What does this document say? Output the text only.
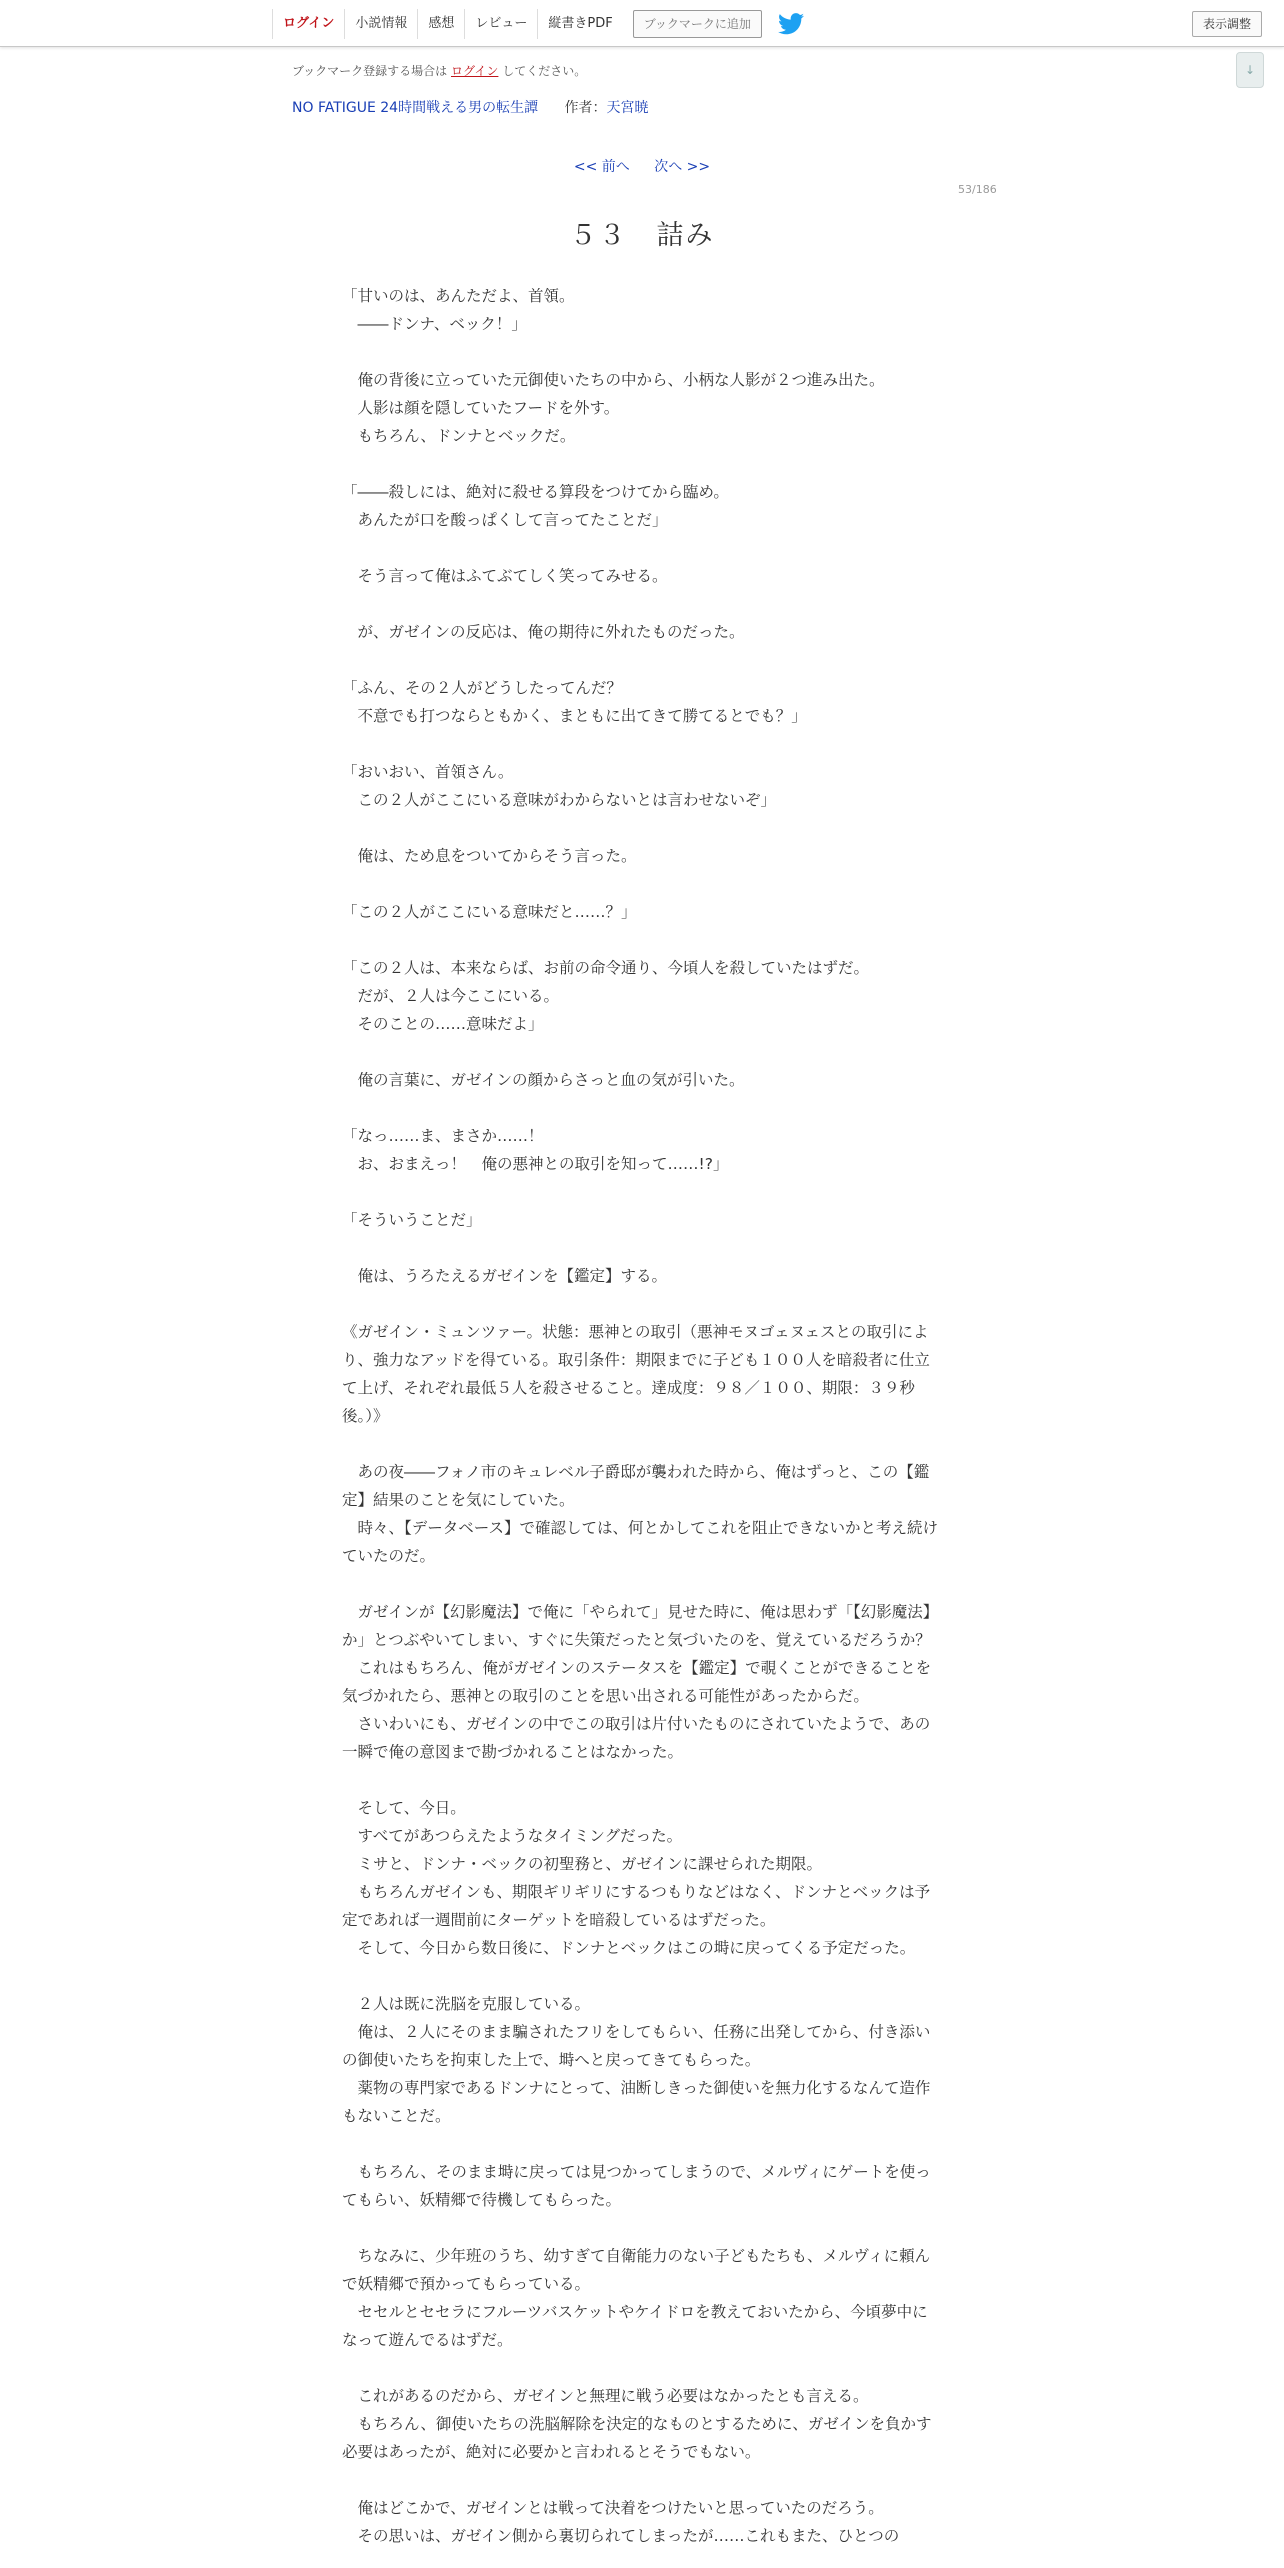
ログイン	小説情報	感想	レビュー	縦書きPDF	ブックマークに追加	表示調整
↓
ブックマーク登録する場合は ログイン してください。
NO FATIGUE 24時間戦える男の転生譚 作者：天宮暁
<< 前へ 次へ >>
53/186
５３　詰み

「甘いのは、あんただよ、首領。

　――ドンナ、ベック！」

　俺の背後に立っていた元御使いたちの中から、小柄な人影が２つ進み出た。

　人影は顔を隠していたフードを外す。

　もちろん、ドンナとベックだ。

「――殺しには、絶対に殺せる算段をつけてから臨め。

　あんたが口を酸っぱくして言ってたことだ」

　そう言って俺はふてぶてしく笑ってみせる。

　が、ガゼインの反応は、俺の期待に外れたものだった。

「ふん、その２人がどうしたってんだ？

　不意でも打つならともかく、まともに出てきて勝てるとでも？」

「おいおい、首領さん。

　この２人がここにいる意味がわからないとは言わせないぞ」

　俺は、ため息をついてからそう言った。

「この２人がここにいる意味だと……？」

「この２人は、本来ならば、お前の命令通り、今頃人を殺していたはずだ。

　だが、２人は今ここにいる。

　そのことの……意味だよ」

　俺の言葉に、ガゼインの顔からさっと血の気が引いた。

「なっ……ま、まさか……！

　お、おまえっ！　俺の悪神との取引を知って……!?」

「そういうことだ」

　俺は、うろたえるガゼインを【鑑定】する。

《ガゼイン・ミュンツァー。状態：悪神との取引（悪神モヌゴェヌェスとの取引により、強力なアッドを得ている。取引条件：期限までに子ども１００人を暗殺者に仕立て上げ、それぞれ最低５人を殺させること。達成度：９８／１００、期限：３９秒後。）》

　あの夜――フォノ市のキュレベル子爵邸が襲われた時から、俺はずっと、この【鑑定】結果のことを気にしていた。

　時々、【データベース】で確認しては、何とかしてこれを阻止できないかと考え続けていたのだ。

　ガゼインが【幻影魔法】で俺に「やられて」見せた時に、俺は思わず「【幻影魔法】か」とつぶやいてしまい、すぐに失策だったと気づいたのを、覚えているだろうか？

　これはもちろん、俺がガゼインのステータスを【鑑定】で覗くことができることを気づかれたら、悪神との取引のことを思い出される可能性があったからだ。

　さいわいにも、ガゼインの中でこの取引は片付いたものにされていたようで、あの一瞬で俺の意図まで勘づかれることはなかった。

　そして、今日。

　すべてがあつらえたようなタイミングだった。

　ミサと、ドンナ・ベックの初聖務と、ガゼインに課せられた期限。

　もちろんガゼインも、期限ギリギリにするつもりなどはなく、ドンナとベックは予定であれば一週間前にターゲットを暗殺しているはずだった。

　そして、今日から数日後に、ドンナとベックはこの塒に戻ってくる予定だった。

　２人は既に洗脳を克服している。

　俺は、２人にそのまま騙されたフリをしてもらい、任務に出発してから、付き添いの御使いたちを拘束した上で、塒へと戻ってきてもらった。

　薬物の専門家であるドンナにとって、油断しきった御使いを無力化するなんて造作もないことだ。

　もちろん、そのまま塒に戻っては見つかってしまうので、メルヴィにゲートを使ってもらい、妖精郷で待機してもらった。

　ちなみに、少年班のうち、幼すぎて自衛能力のない子どもたちも、メルヴィに頼んで妖精郷で預かってもらっている。

　セセルとセセラにフルーツバスケットやケイドロを教えておいたから、今頃夢中になって遊んでるはずだ。

　これがあるのだから、ガゼインと無理に戦う必要はなかったとも言える。

　もちろん、御使いたちの洗脳解除を決定的なものとするために、ガゼインを負かす必要はあったが、絶対に必要かと言われるとそうでもない。

　俺はどこかで、ガゼインとは戦って決着をつけたいと思っていたのだろう。

　その思いは、ガゼイン側から裏切られてしまったが……これもまた、ひとつの
